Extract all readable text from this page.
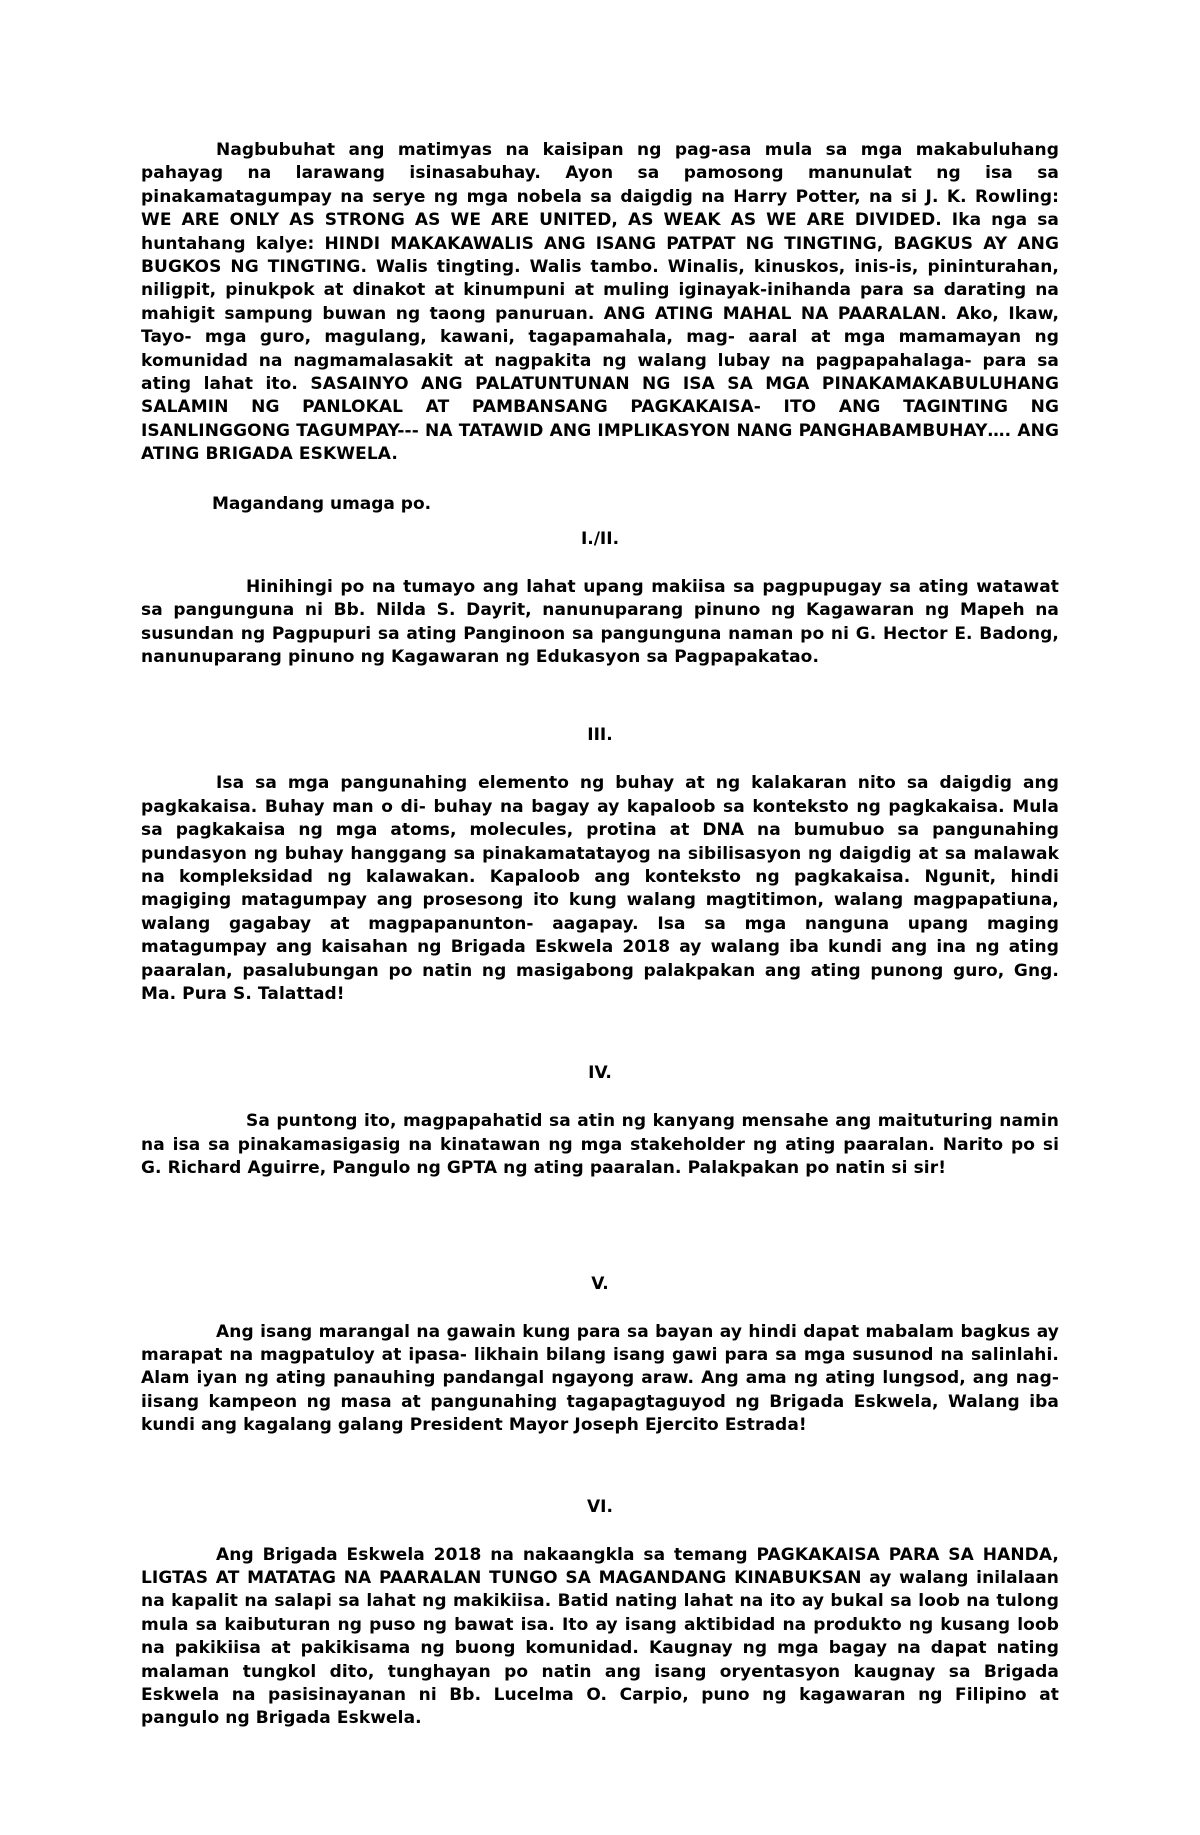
Nagbubuhat ang matimyas na kaisipan ng pag-asa mula sa mga makabuluhang pahayag na larawang isinasabuhay. Ayon sa pamosong manunulat ng isa sa pinakamatagumpay na serye ng mga nobela sa daigdig na Harry Potter, na si J. K. Rowling: WE ARE ONLY AS STRONG AS WE ARE UNITED, AS WEAK AS WE ARE DIVIDED. Ika nga sa huntahang kalye: HINDI MAKAKAWALIS ANG ISANG PATPAT NG TINGTING, BAGKUS AY ANG BUGKOS NG TINGTING. Walis tingting. Walis tambo. Winalis, kinuskos, inis-is, pininturahan, niligpit, pinukpok at dinakot at kinumpuni at muling iginayak-inihanda para sa darating na mahigit sampung buwan ng taong panuruan. ANG ATING MAHAL NA PAARALAN. Ako, Ikaw, Tayo- mga guro, magulang, kawani, tagapamahala, mag- aaral at mga mamamayan ng komunidad na nagmamalasakit at nagpakita ng walang lubay na pagpapahalaga- para sa ating lahat ito. SASAINYO ANG PALATUNTUNAN NG ISA SA MGA PINAKAMAKABULUHANG SALAMIN NG PANLOKAL AT PAMBANSANG PAGKAKAISA- ITO ANG TAGINTING NG ISANLINGGONG TAGUMPAY--- NA TATAWID ANG IMPLIKASYON NANG PANGHABAMBUHAY…. ANG ATING BRIGADA ESKWELA.

Magandang umaga po.

I./II.

Hinihingi po na tumayo ang lahat upang makiisa sa pagpupugay sa ating watawat sa pangunguna ni Bb. Nilda S. Dayrit, nanunuparang pinuno ng Kagawaran ng Mapeh na susundan ng Pagpupuri sa ating Panginoon sa pangunguna naman po ni G. Hector E. Badong, nanunuparang pinuno ng Kagawaran ng Edukasyon sa Pagpapakatao.

III.

Isa sa mga pangunahing elemento ng buhay at ng kalakaran nito sa daigdig ang pagkakaisa. Buhay man o di- buhay na bagay ay kapaloob sa konteksto ng pagkakaisa. Mula sa pagkakaisa ng mga atoms, molecules, protina at DNA na bumubuo sa pangunahing pundasyon ng buhay hanggang sa pinakamatatayog na sibilisasyon ng daigdig at sa malawak na kompleksidad ng kalawakan. Kapaloob ang konteksto ng pagkakaisa. Ngunit, hindi magiging matagumpay ang prosesong ito kung walang magtitimon, walang magpapatiuna, walang gagabay at magpapanunton- aagapay. Isa sa mga nanguna upang maging matagumpay ang kaisahan ng Brigada Eskwela 2018 ay walang iba kundi ang ina ng ating paaralan, pasalubungan po natin ng masigabong palakpakan ang ating punong guro, Gng. Ma. Pura S. Talattad!

IV.

Sa puntong ito, magpapahatid sa atin ng kanyang mensahe ang maituturing namin na isa sa pinakamasigasig na kinatawan ng mga stakeholder ng ating paaralan. Narito po si G. Richard Aguirre, Pangulo ng GPTA ng ating paaralan. Palakpakan po natin si sir!

V.

Ang isang marangal na gawain kung para sa bayan ay hindi dapat mabalam bagkus ay marapat na magpatuloy at ipasa- likhain bilang isang gawi para sa mga susunod na salinlahi. Alam iyan ng ating panauhing pandangal ngayong araw. Ang ama ng ating lungsod, ang nag-iisang kampeon ng masa at pangunahing tagapagtaguyod ng Brigada Eskwela, Walang iba kundi ang kagalang galang President Mayor Joseph Ejercito Estrada!

VI.

Ang Brigada Eskwela 2018 na nakaangkla sa temang PAGKAKAISA PARA SA HANDA, LIGTAS AT MATATAG NA PAARALAN TUNGO SA MAGANDANG KINABUKSAN ay walang inilalaan na kapalit na salapi sa lahat ng makikiisa. Batid nating lahat na ito ay bukal sa loob na tulong mula sa kaibuturan ng puso ng bawat isa. Ito ay isang aktibidad na produkto ng kusang loob na pakikiisa at pakikisama ng buong komunidad. Kaugnay ng mga bagay na dapat nating malaman tungkol dito, tunghayan po natin ang isang oryentasyon kaugnay sa Brigada Eskwela na pasisinayanan ni Bb. Lucelma O. Carpio, puno ng kagawaran ng Filipino at pangulo ng Brigada Eskwela.
